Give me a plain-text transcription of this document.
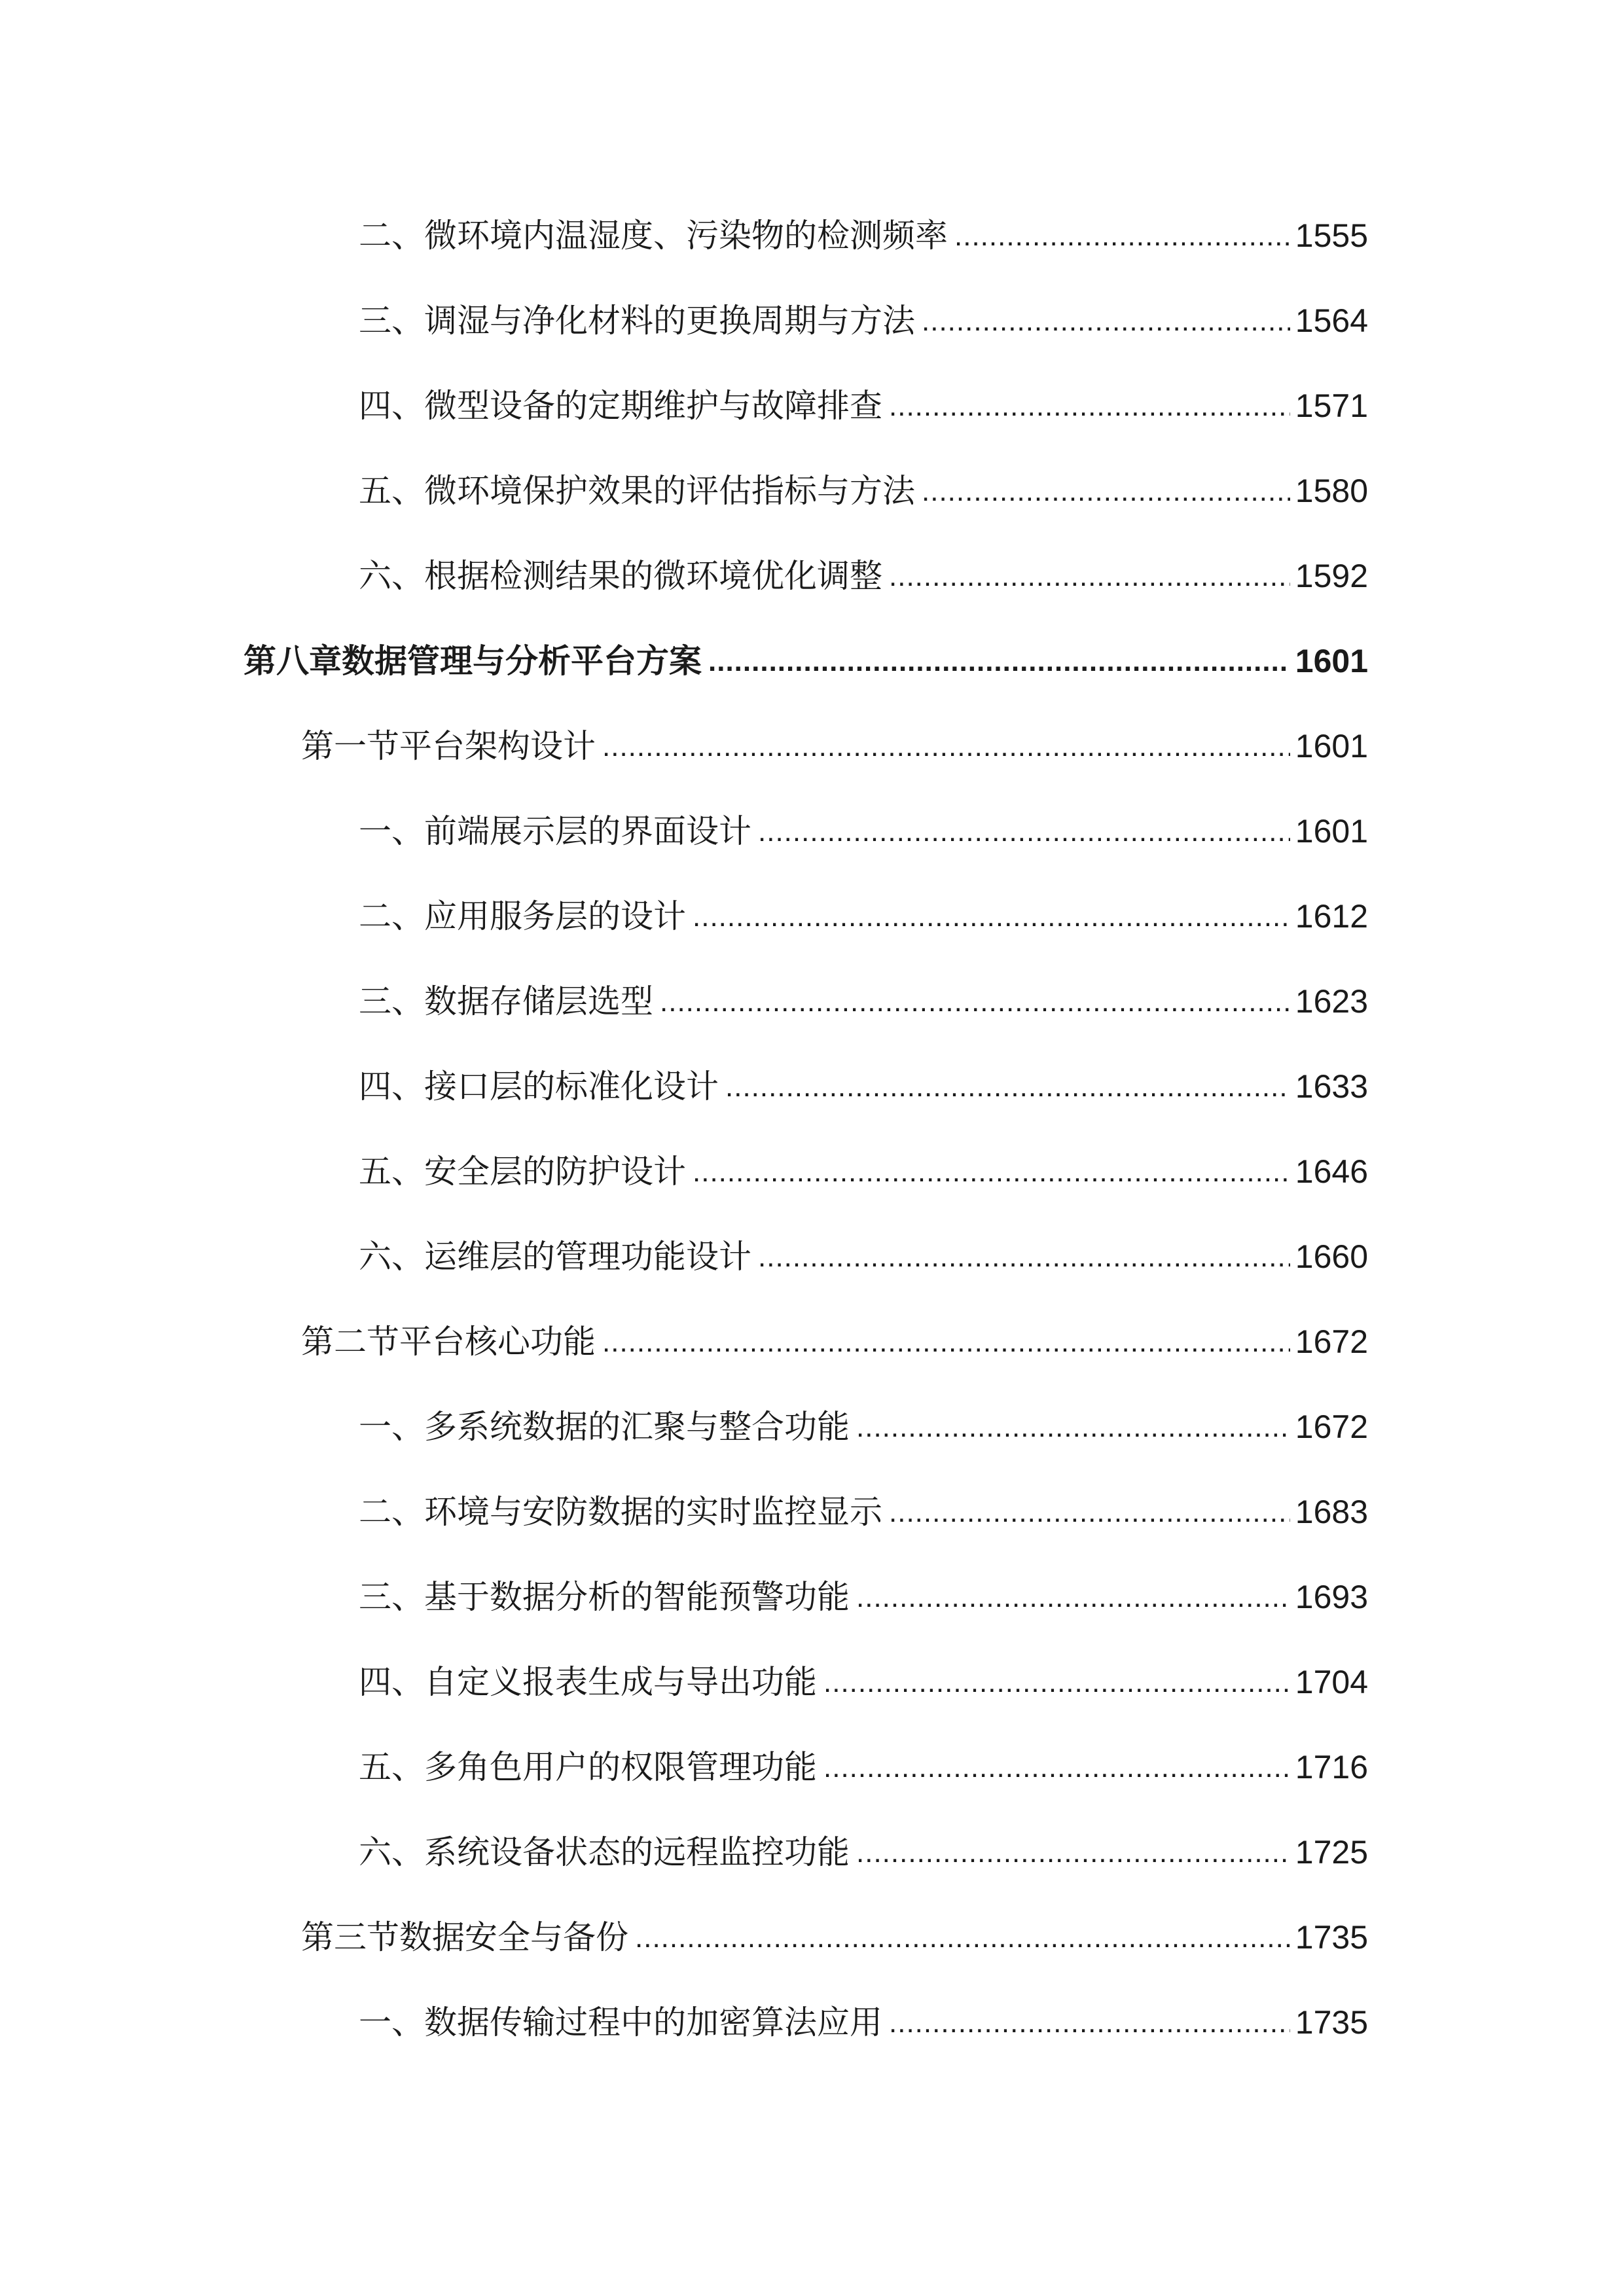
二、微环境内温湿度、污染物的检测频率 .....	1555
三、调湿与净化材料的更换周期与方法 .....	1564
四、微型设备的定期维护与故障排查 .....	1571
五、微环境保护效果的评估指标与方法 .....	1580
六、根据检测结果的微环境优化调整 .....	1592
第八章数据管理与分析平台方案 .....	1601
第一节平台架构设计 .....	1601
一、前端展示层的界面设计 .....	1601
二、应用服务层的设计 .....	1612
三、数据存储层选型 .....	1623
四、接口层的标准化设计 .....	1633
五、安全层的防护设计 .....	1646
六、运维层的管理功能设计 .....	1660
第二节平台核心功能 .....	1672
一、多系统数据的汇聚与整合功能 .....	1672
二、环境与安防数据的实时监控显示 .....	1683
三、基于数据分析的智能预警功能 .....	1693
四、自定义报表生成与导出功能 .....	1704
五、多角色用户的权限管理功能 .....	1716
六、系统设备状态的远程监控功能 .....	1725
第三节数据安全与备份 .....	1735
一、数据传输过程中的加密算法应用 .....	1735
